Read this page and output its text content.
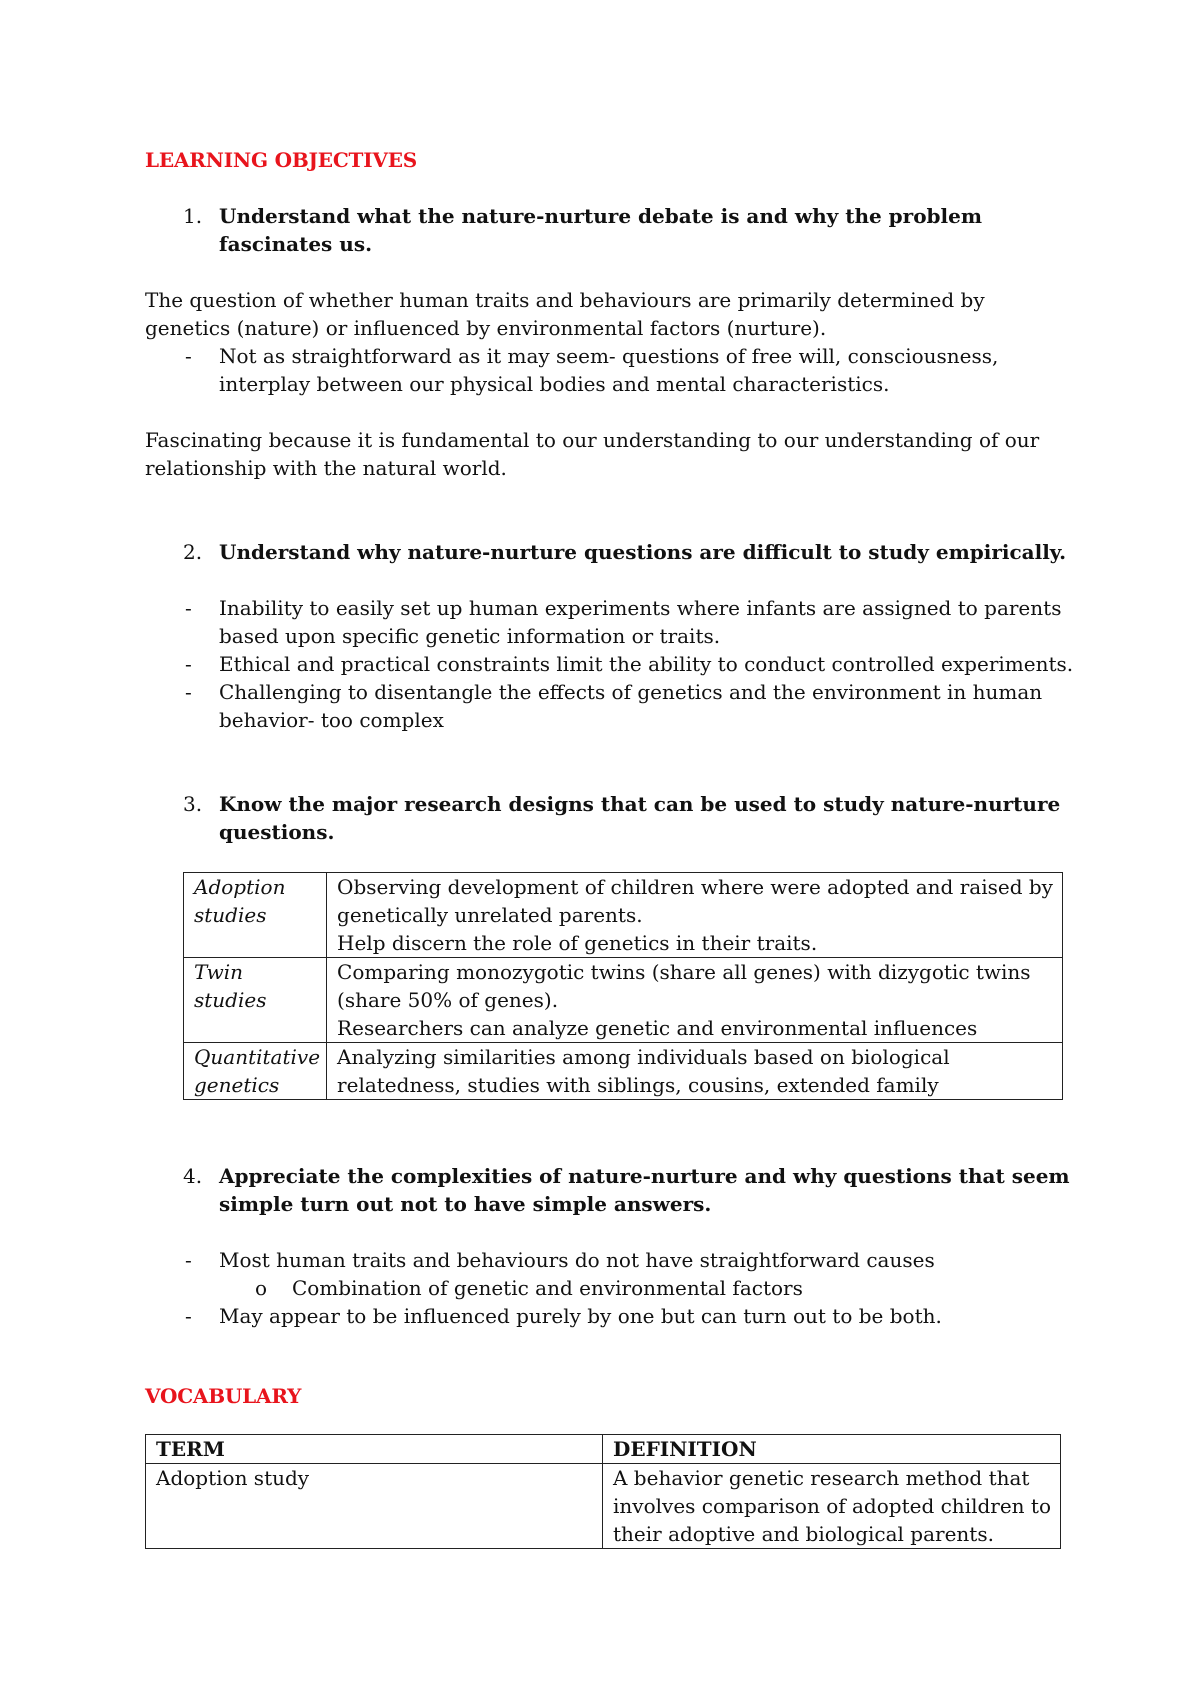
LEARNING OBJECTIVES
1. Understand what the nature-nurture debate is and why the problem fascinates us.
The question of whether human traits and behaviours are primarily determined by genetics (nature) or influenced by environmental factors (nurture).
- Not as straightforward as it may seem- questions of free will, consciousness, interplay between our physical bodies and mental characteristics.
Fascinating because it is fundamental to our understanding to our understanding of our relationship with the natural world.
2. Understand why nature-nurture questions are difficult to study empirically.
- Inability to easily set up human experiments where infants are assigned to parents based upon specific genetic information or traits.
- Ethical and practical constraints limit the ability to conduct controlled experiments.
- Challenging to disentangle the effects of genetics and the environment in human behavior- too complex
3. Know the major research designs that can be used to study nature-nurture questions.
Adoption studies	Observing development of children where were adopted and raised by genetically unrelated parents.
Help discern the role of genetics in their traits.

Twin studies	Comparing monozygotic twins (share all genes) with dizygotic twins (share 50% of genes).
Researchers can analyze genetic and environmental influences

Quantitative genetics	Analyzing similarities among individuals based on biological relatedness, studies with siblings, cousins, extended family
4. Appreciate the complexities of nature-nurture and why questions that seem simple turn out not to have simple answers.
- Most human traits and behaviours do not have straightforward causes
o Combination of genetic and environmental factors
- May appear to be influenced purely by one but can turn out to be both.
VOCABULARY
TERM	DEFINITION
Adoption study	A behavior genetic research method that involves comparison of adopted children to their adoptive and biological parents.
